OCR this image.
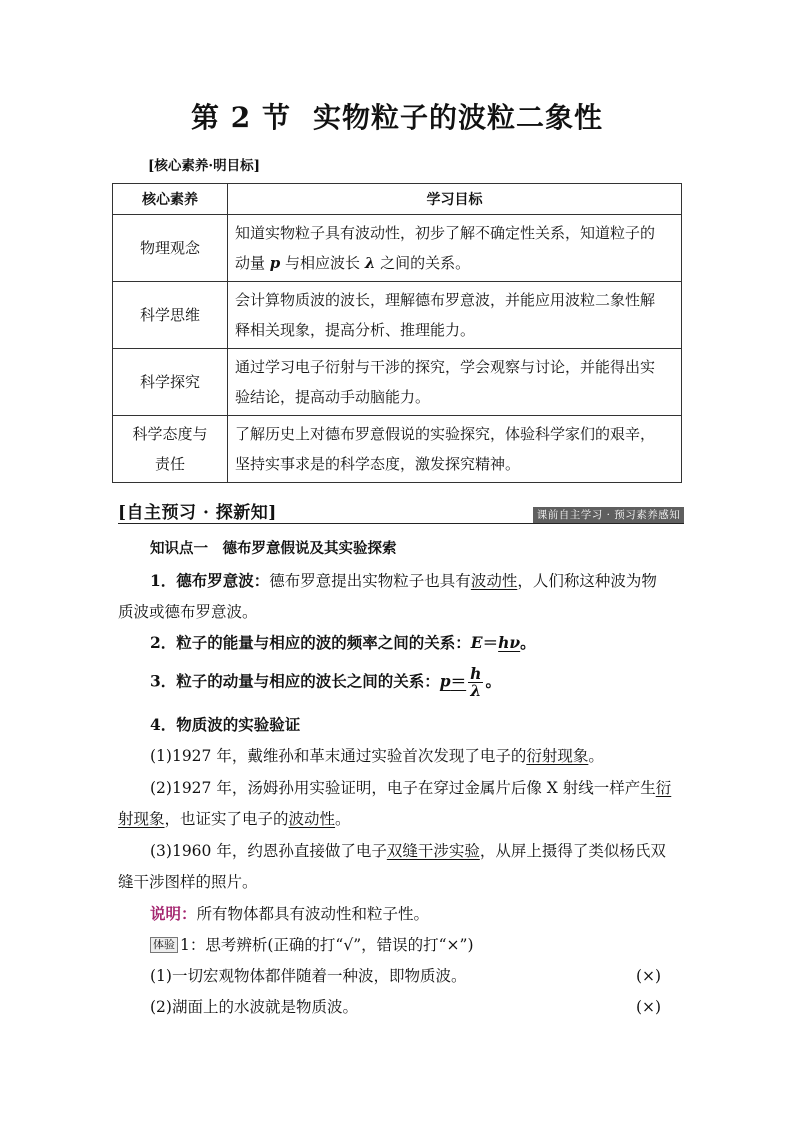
第 2 节 实物粒子的波粒二象性
[核心素养·明目标]
核心素养	学习目标
物理观念	知道实物粒子具有波动性，初步了解不确定性关系，知道粒子的
动量 p 与相应波长 λ 之间的关系。
科学思维	会计算物质波的波长，理解德布罗意波，并能应用波粒二象性解
释相关现象，提高分析、推理能力。
科学探究	通过学习电子衍射与干涉的探究，学会观察与讨论，并能得出实
验结论，提高动手动脑能力。
科学态度与
责任	了解历史上对德布罗意假说的实验探究，体验科学家们的艰辛，
坚持实事求是的科学态度，激发探究精神。
[自主预习 · 探新知]	课前自主学习 · 预习素养感知
知识点一　德布罗意假说及其实验探索
1．德布罗意波：德布罗意提出实物粒子也具有波动性，人们称这种波为物
质波或德布罗意波。
2．粒子的能量与相应的波的频率之间的关系：E＝hν。
3．粒子的动量与相应的波长之间的关系：$p= \frac{h}{\lambda}$ 。
4．物质波的实验验证
(1)1927 年，戴维孙和革末通过实验首次发现了电子的衍射现象。
(2)1927 年，汤姆孙用实验证明，电子在穿过金属片后像 X 射线一样产生衍
射现象，也证实了电子的波动性。
(3)1960 年，约恩孙直接做了电子双缝干涉实验，从屏上摄得了类似杨氏双
缝干涉图样的照片。
说明：所有物体都具有波动性和粒子性。
体验 1：思考辨析(正确的打“√”，错误的打“×”)
(1)一切宏观物体都伴随着一种波，即物质波。	(×)
(2)湖面上的水波就是物质波。	(×)
